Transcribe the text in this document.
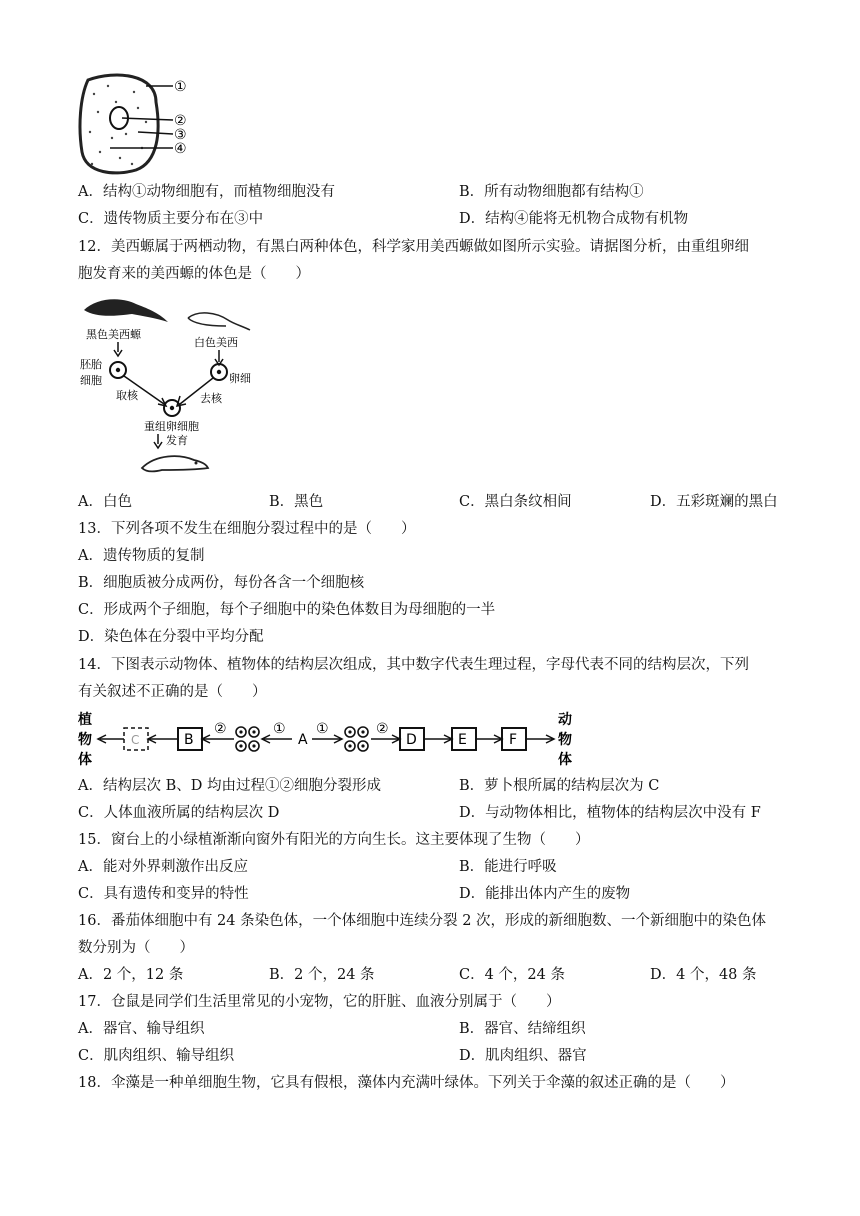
①
②
③
④
A．结构①动物细胞有，而植物细胞没有	B．所有动物细胞都有结构①
C．遗传物质主要分布在③中	D．结构④能将无机物合成物有机物
12．美西螈属于两栖动物，有黑白两种体色，科学家用美西螈做如图所示实验。请据图分析，由重组卵细
胞发育来的美西螈的体色是（　　）
黑色美西螈
胚胎
细胞
白色美西
卵细
取核	去核
重组卵细胞
发育
A．白色	B．黑色	C．黑白条纹相间	D．五彩斑斓的黑白
13．下列各项不发生在细胞分裂过程中的是（　　）
A．遗传物质的复制
B．细胞质被分成两份，每份各含一个细胞核
C．形成两个子细胞，每个子细胞中的染色体数目为母细胞的一半
D．染色体在分裂中平均分配
14．下图表示动物体、植物体的结构层次组成，其中数字代表生理过程，字母代表不同的结构层次，下列
有关叙述不正确的是（　　）
植
物
体
C	B
②	①
A
①	②
D	E	F
动
物
体
A．结构层次 B、D 均由过程①②细胞分裂形成	B．萝卜根所属的结构层次为 C
C．人体血液所属的结构层次 D	D．与动物体相比，植物体的结构层次中没有 F
15．窗台上的小绿植渐渐向窗外有阳光的方向生长。这主要体现了生物（　　）
A．能对外界刺激作出反应	B．能进行呼吸
C．具有遗传和变异的特性	D．能排出体内产生的废物
16．番茄体细胞中有 24 条染色体，一个体细胞中连续分裂 2 次，形成的新细胞数、一个新细胞中的染色体
数分别为（　　）
A．2 个，12 条	B．2 个，24 条	C．4 个，24 条	D．4 个，48 条
17．仓鼠是同学们生活里常见的小宠物，它的肝脏、血液分别属于（　　）
A．器官、输导组织	B．器官、结缔组织
C．肌肉组织、输导组织	D．肌肉组织、器官
18．伞藻是一种单细胞生物，它具有假根，藻体内充满叶绿体。下列关于伞藻的叙述正确的是（　　）
